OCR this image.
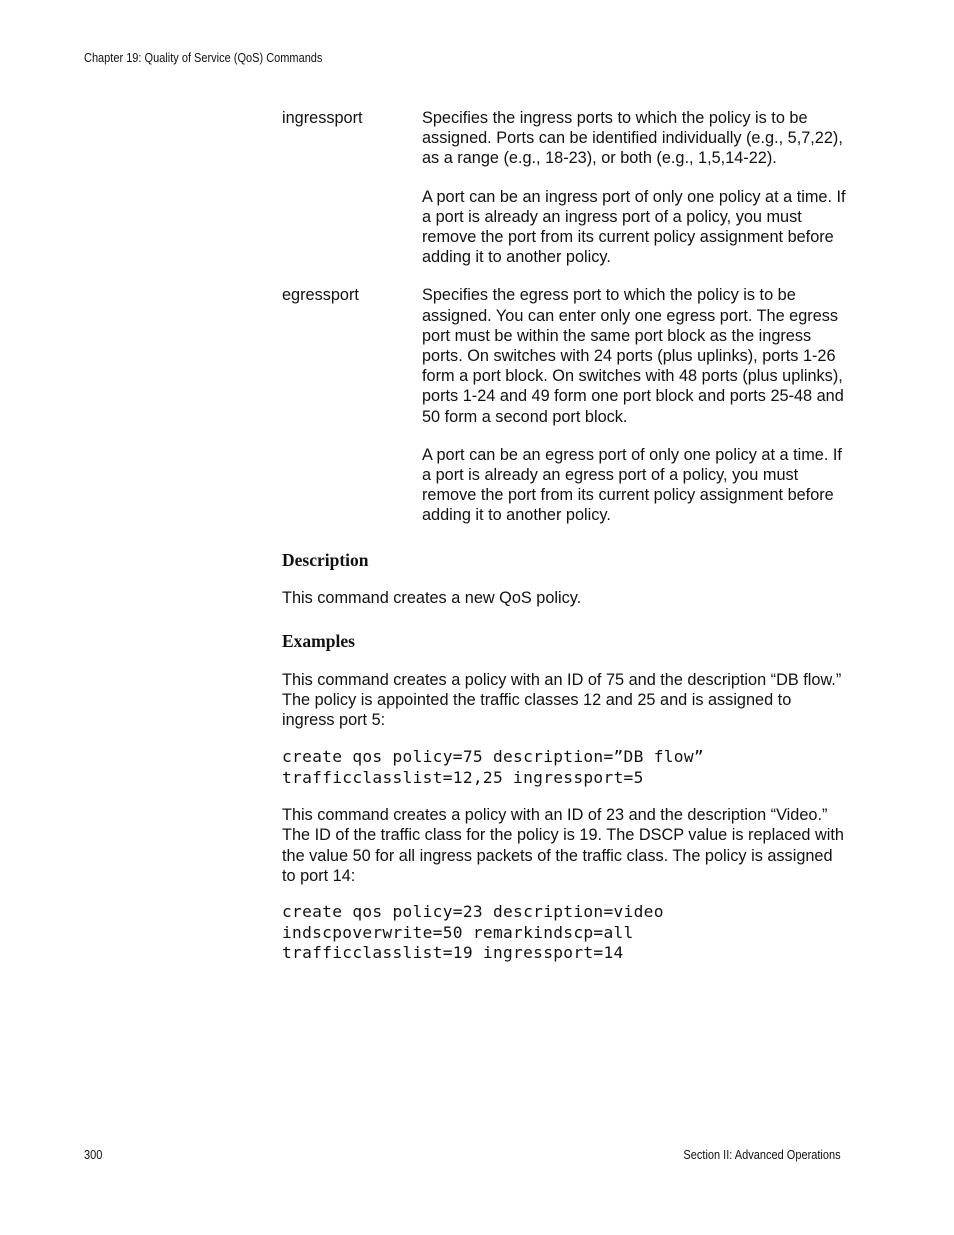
Chapter 19: Quality of Service (QoS) Commands
ingressport	Specifies the ingress ports to which the policy is to be assigned. Ports can be identified individually (e.g., 5,7,22), as a range (e.g., 18-23), or both (e.g., 1,5,14-22).

A port can be an ingress port of only one policy at a time. If a port is already an ingress port of a policy, you must remove the port from its current policy assignment before adding it to another policy.

egressport	Specifies the egress port to which the policy is to be assigned. You can enter only one egress port. The egress port must be within the same port block as the ingress ports. On switches with 24 ports (plus uplinks), ports 1-26 form a port block. On switches with 48 ports (plus uplinks), ports 1-24 and 49 form one port block and ports 25-48 and 50 form a second port block.

A port can be an egress port of only one policy at a time. If a port is already an egress port of a policy, you must remove the port from its current policy assignment before adding it to another policy.

Description

This command creates a new QoS policy.

Examples

This command creates a policy with an ID of 75 and the description “DB flow.” The policy is appointed the traffic classes 12 and 25 and is assigned to ingress port 5:

create qos policy=75 description=”DB flow”
trafficclasslist=12,25 ingressport=5

This command creates a policy with an ID of 23 and the description “Video.” The ID of the traffic class for the policy is 19. The DSCP value is replaced with the value 50 for all ingress packets of the traffic class. The policy is assigned to port 14:

create qos policy=23 description=video
indscpoverwrite=50 remarkindscp=all
trafficclasslist=19 ingressport=14
300	Section II: Advanced Operations
